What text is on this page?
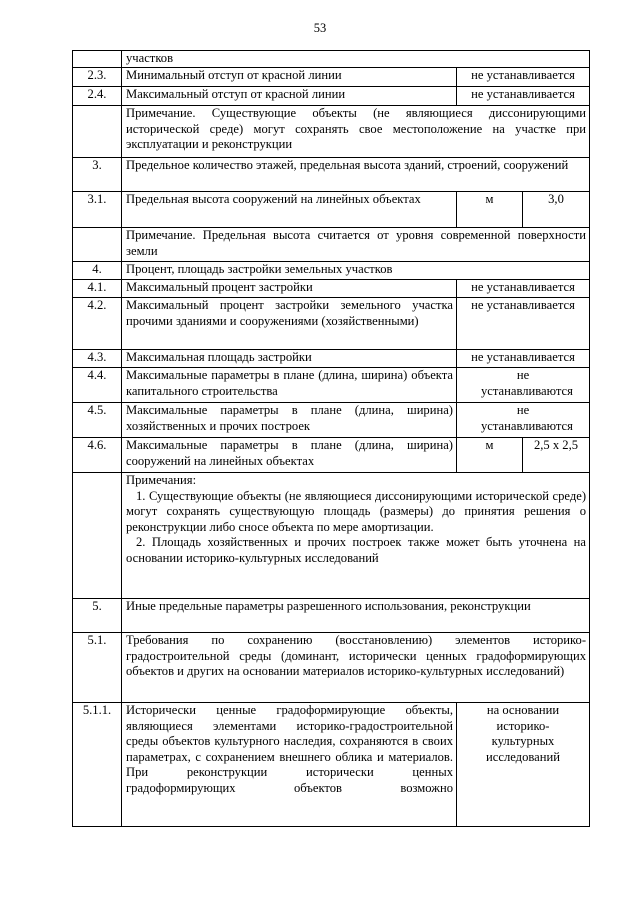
53
	участков		
2.3.	Минимальный отступ от красной линии	не устанавливается	
2.4.	Максимальный отступ от красной линии	не устанавливается	
	Примечание. Существующие объекты (не являющиеся диссонирующими исторической среде) могут сохранять свое местоположение на участке при эксплуатации и реконструкции		
3.	Предельное количество этажей, предельная высота зданий, строений, сооружений		
3.1.	Предельная высота сооружений на линейных объектах	м	3,0
	Примечание. Предельная высота считается от уровня современной поверхности земли		
4.	Процент, площадь застройки земельных участков		
4.1.	Максимальный процент застройки	не устанавливается	
4.2.	Максимальный процент застройки земельного участка прочими зданиями и сооружениями (хозяйственными)	не устанавливается	
4.3.	Максимальная площадь застройки	не устанавливается	
4.4.	Максимальные параметры в плане (длина, ширина) объекта капитального строительства	не устанавливаются	
4.5.	Максимальные параметры в плане (длина, ширина) хозяйственных и прочих построек	не устанавливаются	
4.6.	Максимальные параметры в плане (длина, ширина) сооружений на линейных объектах	м	2,5 х 2,5

	Примечания:
1. Существующие объекты (не являющиеся диссонирующими исторической среде) могут сохранять существующую площадь (размеры) до принятия решения о реконструкции либо сносе объекта по мере амортизации.
2. Площадь хозяйственных и прочих построек также может быть уточнена на основании историко-культурных исследований		

5.	Иные предельные параметры разрешенного использования, реконструкции		
5.1.	Требования по сохранению (восстановлению) элементов историко-градостроительной среды (доминант, исторически ценных градоформирующих объектов и других на основании материалов историко-культурных исследований)		
5.1.1.	Исторически ценные градоформирующие объекты, являющиеся элементами историко-градостроительной среды объектов культурного наследия, сохраняются в своих параметрах, с сохранением внешнего облика и материалов. При реконструкции исторически ценных градоформирующих объектов возможно	на основании историко-культурных исследований	
